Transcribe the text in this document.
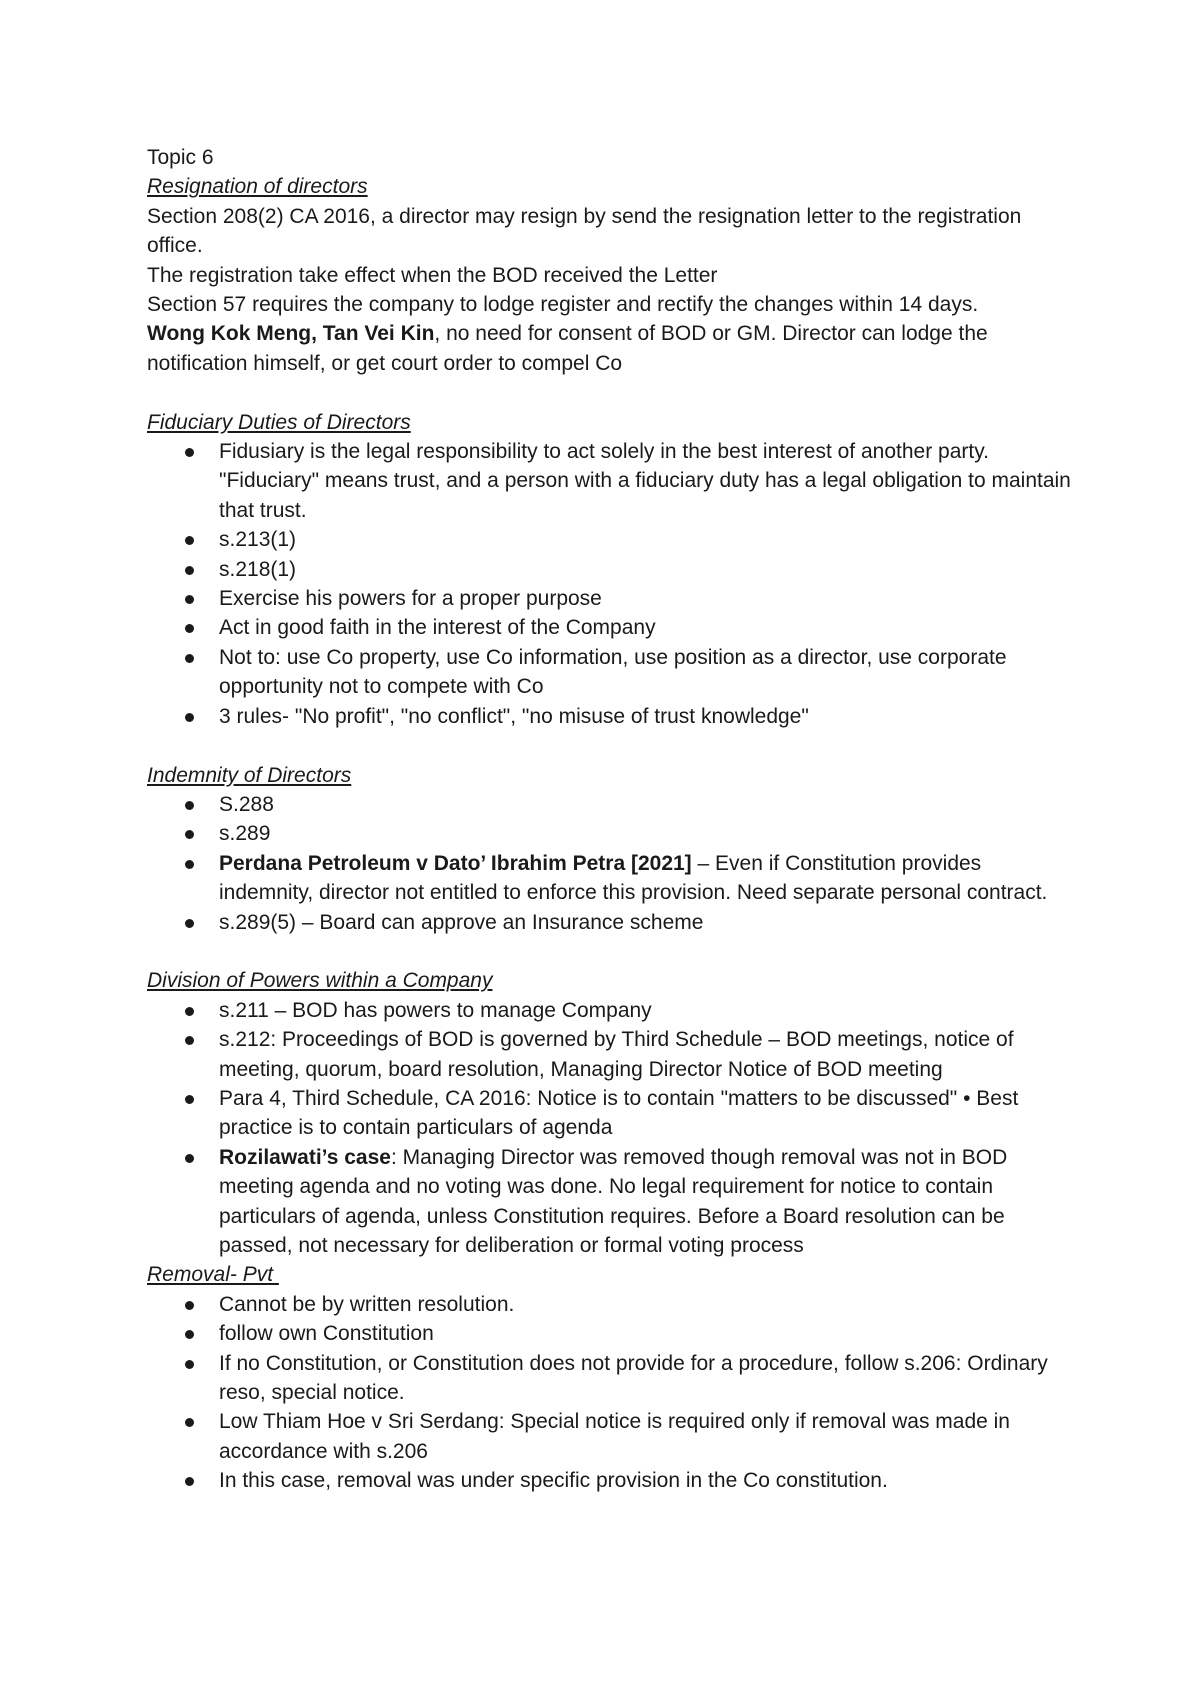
Topic 6
Resignation of directors
Section 208(2) CA 2016, a director may resign by send the resignation letter to the registration office.
The registration take effect when the BOD received the Letter
Section 57 requires the company to lodge register and rectify the changes within 14 days.
Wong Kok Meng, Tan Vei Kin, no need for consent of BOD or GM. Director can lodge the notification himself, or get court order to compel Co
Fiduciary Duties of Directors
Fidusiary is the legal responsibility to act solely in the best interest of another party. "Fiduciary" means trust, and a person with a fiduciary duty has a legal obligation to maintain that trust.
s.213(1)
s.218(1)
Exercise his powers for a proper purpose
Act in good faith in the interest of the Company
Not to: use Co property, use Co information, use position as a director, use corporate opportunity not to compete with Co
3 rules- "No profit", "no conflict", "no misuse of trust knowledge"
Indemnity of Directors
S.288
s.289
Perdana Petroleum v Dato’ Ibrahim Petra [2021] – Even if Constitution provides indemnity, director not entitled to enforce this provision. Need separate personal contract.
s.289(5) – Board can approve an Insurance scheme
Division of Powers within a Company
s.211 – BOD has powers to manage Company
s.212: Proceedings of BOD is governed by Third Schedule – BOD meetings, notice of meeting, quorum, board resolution, Managing Director Notice of BOD meeting
Para 4, Third Schedule, CA 2016: Notice is to contain "matters to be discussed" • Best practice is to contain particulars of agenda
Rozilawati’s case: Managing Director was removed though removal was not in BOD meeting agenda and no voting was done. No legal requirement for notice to contain particulars of agenda, unless Constitution requires. Before a Board resolution can be passed, not necessary for deliberation or formal voting process
Removal- Pvt
Cannot be by written resolution.
follow own Constitution
If no Constitution, or Constitution does not provide for a procedure, follow s.206: Ordinary reso, special notice.
Low Thiam Hoe v Sri Serdang: Special notice is required only if removal was made in accordance with s.206
In this case, removal was under specific provision in the Co constitution.
